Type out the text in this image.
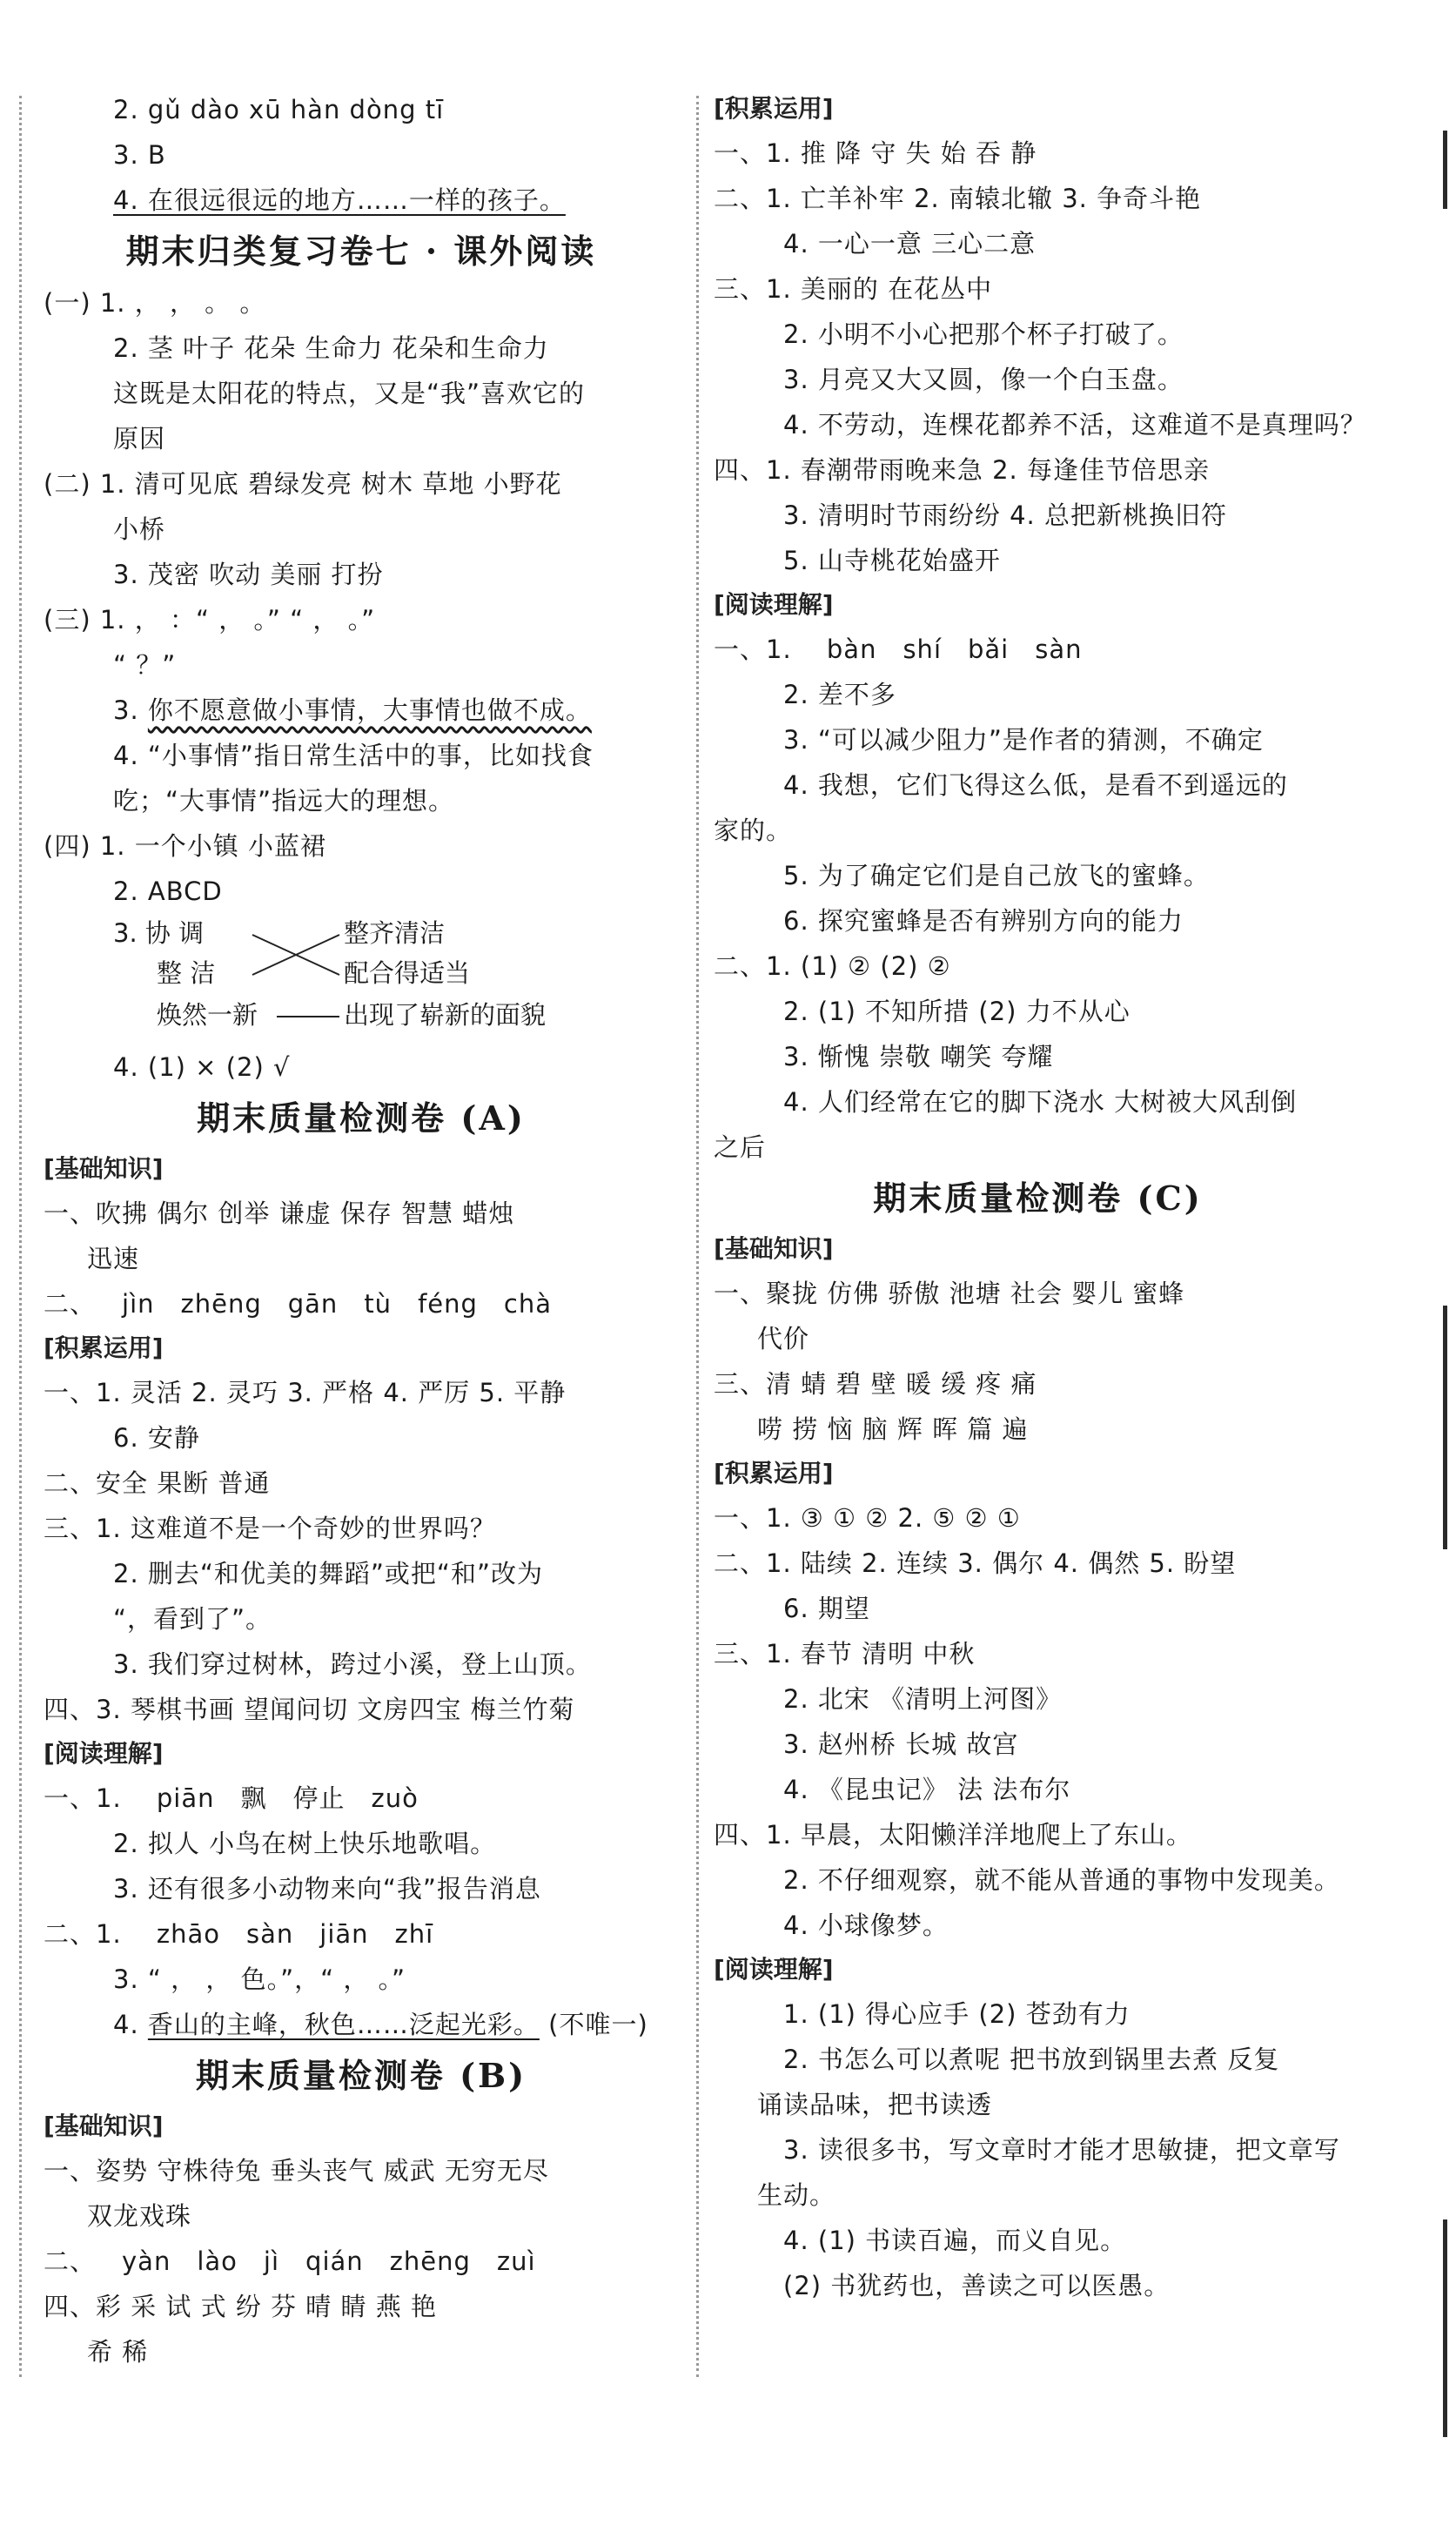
2. gǔ dào xū hàn dòng tī
3. B
4. 在很远很远的地方……一样的孩子。
期末归类复习卷七 · 课外阅读
(一) 1. ， ， 。 。
2. 茎 叶子 花朵 生命力 花朵和生命力
这既是太阳花的特点，又是“我”喜欢它的
原因
(二) 1. 清可见底 碧绿发亮 树木 草地 小野花
小桥
3. 茂密 吹动 美丽 打扮
(三) 1. ， ：“ ， 。” “ ， 。”
“ ？”
3. 你不愿意做小事情，大事情也做不成。
4. “小事情”指日常生活中的事，比如找食
吃；“大事情”指远大的理想。
(四) 1. 一个小镇 小蓝裙
2. ABCD
3. 协 调	整齐清洁
整 洁	配合得适当
焕然一新	出现了崭新的面貌
4. (1) × (2) √
期末质量检测卷 (A)
[基础知识]
一、吹拂 偶尔 创举 谦虚 保存 智慧 蜡烛
迅速
二、 jìn zhēng gān tù féng chà
[积累运用]
一、1. 灵活 2. 灵巧 3. 严格 4. 严厉 5. 平静
6. 安静
二、安全 果断 普通
三、1. 这难道不是一个奇妙的世界吗？
2. 删去“和优美的舞蹈”或把“和”改为
“，看到了”。
3. 我们穿过树林，跨过小溪，登上山顶。
四、3. 琴棋书画 望闻问切 文房四宝 梅兰竹菊
[阅读理解]
一、1. piān 飘 停止 zuò
2. 拟人 小鸟在树上快乐地歌唱。
3. 还有很多小动物来向“我”报告消息
二、1. zhāo sàn jiān zhī
3. “ ， ， 色。”，“ ， 。”
4. 香山的主峰，秋色……泛起光彩。 (不唯一)
期末质量检测卷 (B)
[基础知识]
一、姿势 守株待兔 垂头丧气 威武 无穷无尽
双龙戏珠
二、 yàn lào jì qián zhēng zuì
四、彩 采 试 式 纷 芬 晴 睛 燕 艳
希 稀
[积累运用]
一、1. 推 降 守 失 始 吞 静
二、1. 亡羊补牢 2. 南辕北辙 3. 争奇斗艳
4. 一心一意 三心二意
三、1. 美丽的 在花丛中
2. 小明不小心把那个杯子打破了。
3. 月亮又大又圆，像一个白玉盘。
4. 不劳动，连棵花都养不活，这难道不是真理吗？
四、1. 春潮带雨晚来急 2. 每逢佳节倍思亲
3. 清明时节雨纷纷 4. 总把新桃换旧符
5. 山寺桃花始盛开
[阅读理解]
一、1. bàn shí bǎi sàn
2. 差不多
3. “可以减少阻力”是作者的猜测，不确定
4. 我想，它们飞得这么低，是看不到遥远的
家的。
5. 为了确定它们是自己放飞的蜜蜂。
6. 探究蜜蜂是否有辨别方向的能力
二、1. (1) ② (2) ②
2. (1) 不知所措 (2) 力不从心
3. 惭愧 崇敬 嘲笑 夸耀
4. 人们经常在它的脚下浇水 大树被大风刮倒
之后
期末质量检测卷 (C)
[基础知识]
一、聚拢 仿佛 骄傲 池塘 社会 婴儿 蜜蜂
代价
三、清 蜻 碧 壁 暖 缓 疼 痛
唠 捞 恼 脑 辉 晖 篇 遍
[积累运用]
一、1. ③ ① ② 2. ⑤ ② ①
二、1. 陆续 2. 连续 3. 偶尔 4. 偶然 5. 盼望
6. 期望
三、1. 春节 清明 中秋
2. 北宋 《清明上河图》
3. 赵州桥 长城 故宫
4. 《昆虫记》 法 法布尔
四、1. 早晨，太阳懒洋洋地爬上了东山。
2. 不仔细观察，就不能从普通的事物中发现美。
4. 小球像梦。
[阅读理解]
1. (1) 得心应手 (2) 苍劲有力
2. 书怎么可以煮呢 把书放到锅里去煮 反复
诵读品味，把书读透
3. 读很多书，写文章时才能才思敏捷，把文章写
生动。
4. (1) 书读百遍，而义自见。
(2) 书犹药也，善读之可以医愚。
